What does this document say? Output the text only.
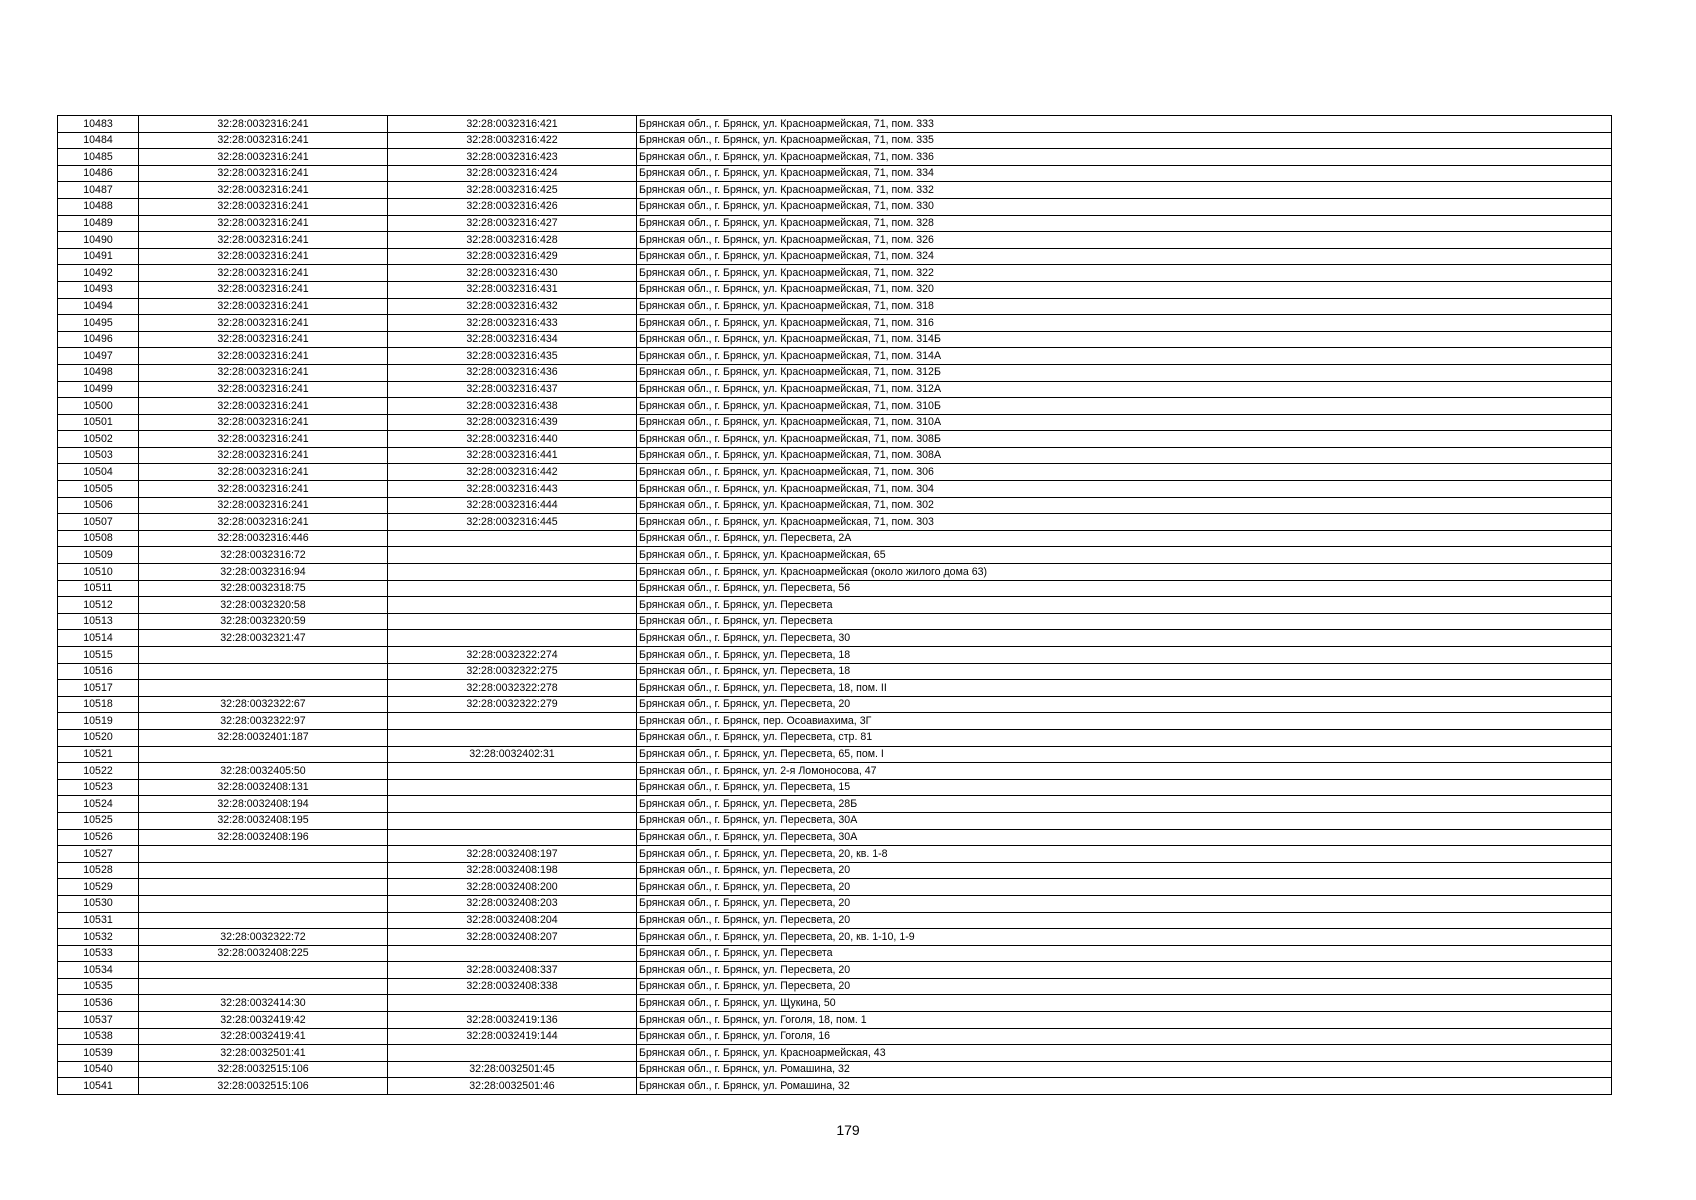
10483	32:28:0032316:241	32:28:0032316:421	Брянская обл., г. Брянск, ул. Красноармейская, 71, пом. 333
10484	32:28:0032316:241	32:28:0032316:422	Брянская обл., г. Брянск, ул. Красноармейская, 71, пом. 335
10485	32:28:0032316:241	32:28:0032316:423	Брянская обл., г. Брянск, ул. Красноармейская, 71, пом. 336
10486	32:28:0032316:241	32:28:0032316:424	Брянская обл., г. Брянск, ул. Красноармейская, 71, пом. 334
10487	32:28:0032316:241	32:28:0032316:425	Брянская обл., г. Брянск, ул. Красноармейская, 71, пом. 332
10488	32:28:0032316:241	32:28:0032316:426	Брянская обл., г. Брянск, ул. Красноармейская, 71, пом. 330
10489	32:28:0032316:241	32:28:0032316:427	Брянская обл., г. Брянск, ул. Красноармейская, 71, пом. 328
10490	32:28:0032316:241	32:28:0032316:428	Брянская обл., г. Брянск, ул. Красноармейская, 71, пом. 326
10491	32:28:0032316:241	32:28:0032316:429	Брянская обл., г. Брянск, ул. Красноармейская, 71, пом. 324
10492	32:28:0032316:241	32:28:0032316:430	Брянская обл., г. Брянск, ул. Красноармейская, 71, пом. 322
10493	32:28:0032316:241	32:28:0032316:431	Брянская обл., г. Брянск, ул. Красноармейская, 71, пом. 320
10494	32:28:0032316:241	32:28:0032316:432	Брянская обл., г. Брянск, ул. Красноармейская, 71, пом. 318
10495	32:28:0032316:241	32:28:0032316:433	Брянская обл., г. Брянск, ул. Красноармейская, 71, пом. 316
10496	32:28:0032316:241	32:28:0032316:434	Брянская обл., г. Брянск, ул. Красноармейская, 71, пом. 314Б
10497	32:28:0032316:241	32:28:0032316:435	Брянская обл., г. Брянск, ул. Красноармейская, 71, пом. 314А
10498	32:28:0032316:241	32:28:0032316:436	Брянская обл., г. Брянск, ул. Красноармейская, 71, пом. 312Б
10499	32:28:0032316:241	32:28:0032316:437	Брянская обл., г. Брянск, ул. Красноармейская, 71, пом. 312А
10500	32:28:0032316:241	32:28:0032316:438	Брянская обл., г. Брянск, ул. Красноармейская, 71, пом. 310Б
10501	32:28:0032316:241	32:28:0032316:439	Брянская обл., г. Брянск, ул. Красноармейская, 71, пом. 310А
10502	32:28:0032316:241	32:28:0032316:440	Брянская обл., г. Брянск, ул. Красноармейская, 71, пом. 308Б
10503	32:28:0032316:241	32:28:0032316:441	Брянская обл., г. Брянск, ул. Красноармейская, 71, пом. 308А
10504	32:28:0032316:241	32:28:0032316:442	Брянская обл., г. Брянск, ул. Красноармейская, 71, пом. 306
10505	32:28:0032316:241	32:28:0032316:443	Брянская обл., г. Брянск, ул. Красноармейская, 71, пом. 304
10506	32:28:0032316:241	32:28:0032316:444	Брянская обл., г. Брянск, ул. Красноармейская, 71, пом. 302
10507	32:28:0032316:241	32:28:0032316:445	Брянская обл., г. Брянск, ул. Красноармейская, 71, пом. 303
10508	32:28:0032316:446		Брянская обл., г. Брянск, ул. Пересвета, 2А
10509	32:28:0032316:72		Брянская обл., г. Брянск, ул. Красноармейская, 65
10510	32:28:0032316:94		Брянская обл., г. Брянск, ул. Красноармейская (около жилого дома 63)
10511	32:28:0032318:75		Брянская обл., г. Брянск, ул. Пересвета, 56
10512	32:28:0032320:58		Брянская обл., г. Брянск, ул. Пересвета
10513	32:28:0032320:59		Брянская обл., г. Брянск, ул. Пересвета
10514	32:28:0032321:47		Брянская обл., г. Брянск, ул. Пересвета, 30
10515		32:28:0032322:274	Брянская обл., г. Брянск, ул. Пересвета, 18
10516		32:28:0032322:275	Брянская обл., г. Брянск, ул. Пересвета, 18
10517		32:28:0032322:278	Брянская обл., г. Брянск, ул. Пересвета, 18, пом. II
10518	32:28:0032322:67	32:28:0032322:279	Брянская обл., г. Брянск, ул. Пересвета, 20
10519	32:28:0032322:97		Брянская обл., г. Брянск, пер. Осоавиахима, 3Г
10520	32:28:0032401:187		Брянская обл., г. Брянск, ул. Пересвета, стр. 81
10521		32:28:0032402:31	Брянская обл., г. Брянск, ул. Пересвета, 65, пом. I
10522	32:28:0032405:50		Брянская обл., г. Брянск, ул. 2-я Ломоносова, 47
10523	32:28:0032408:131		Брянская обл., г. Брянск, ул. Пересвета, 15
10524	32:28:0032408:194		Брянская обл., г. Брянск, ул. Пересвета, 28Б
10525	32:28:0032408:195		Брянская обл., г. Брянск, ул. Пересвета, 30А
10526	32:28:0032408:196		Брянская обл., г. Брянск, ул. Пересвета, 30А
10527		32:28:0032408:197	Брянская обл., г. Брянск, ул. Пересвета, 20, кв. 1-8
10528		32:28:0032408:198	Брянская обл., г. Брянск, ул. Пересвета, 20
10529		32:28:0032408:200	Брянская обл., г. Брянск, ул. Пересвета, 20
10530		32:28:0032408:203	Брянская обл., г. Брянск, ул. Пересвета, 20
10531		32:28:0032408:204	Брянская обл., г. Брянск, ул. Пересвета, 20
10532	32:28:0032322:72	32:28:0032408:207	Брянская обл., г. Брянск, ул. Пересвета, 20, кв. 1-10, 1-9
10533	32:28:0032408:225		Брянская обл., г. Брянск, ул. Пересвета
10534		32:28:0032408:337	Брянская обл., г. Брянск, ул. Пересвета, 20
10535		32:28:0032408:338	Брянская обл., г. Брянск, ул. Пересвета, 20
10536	32:28:0032414:30		Брянская обл., г. Брянск, ул. Щукина, 50
10537	32:28:0032419:42	32:28:0032419:136	Брянская обл., г. Брянск, ул. Гоголя, 18, пом. 1
10538	32:28:0032419:41	32:28:0032419:144	Брянская обл., г. Брянск, ул. Гоголя, 16
10539	32:28:0032501:41		Брянская обл., г. Брянск, ул. Красноармейская, 43
10540	32:28:0032515:106	32:28:0032501:45	Брянская обл., г. Брянск, ул. Ромашина, 32
10541	32:28:0032515:106	32:28:0032501:46	Брянская обл., г. Брянск, ул. Ромашина, 32
179
